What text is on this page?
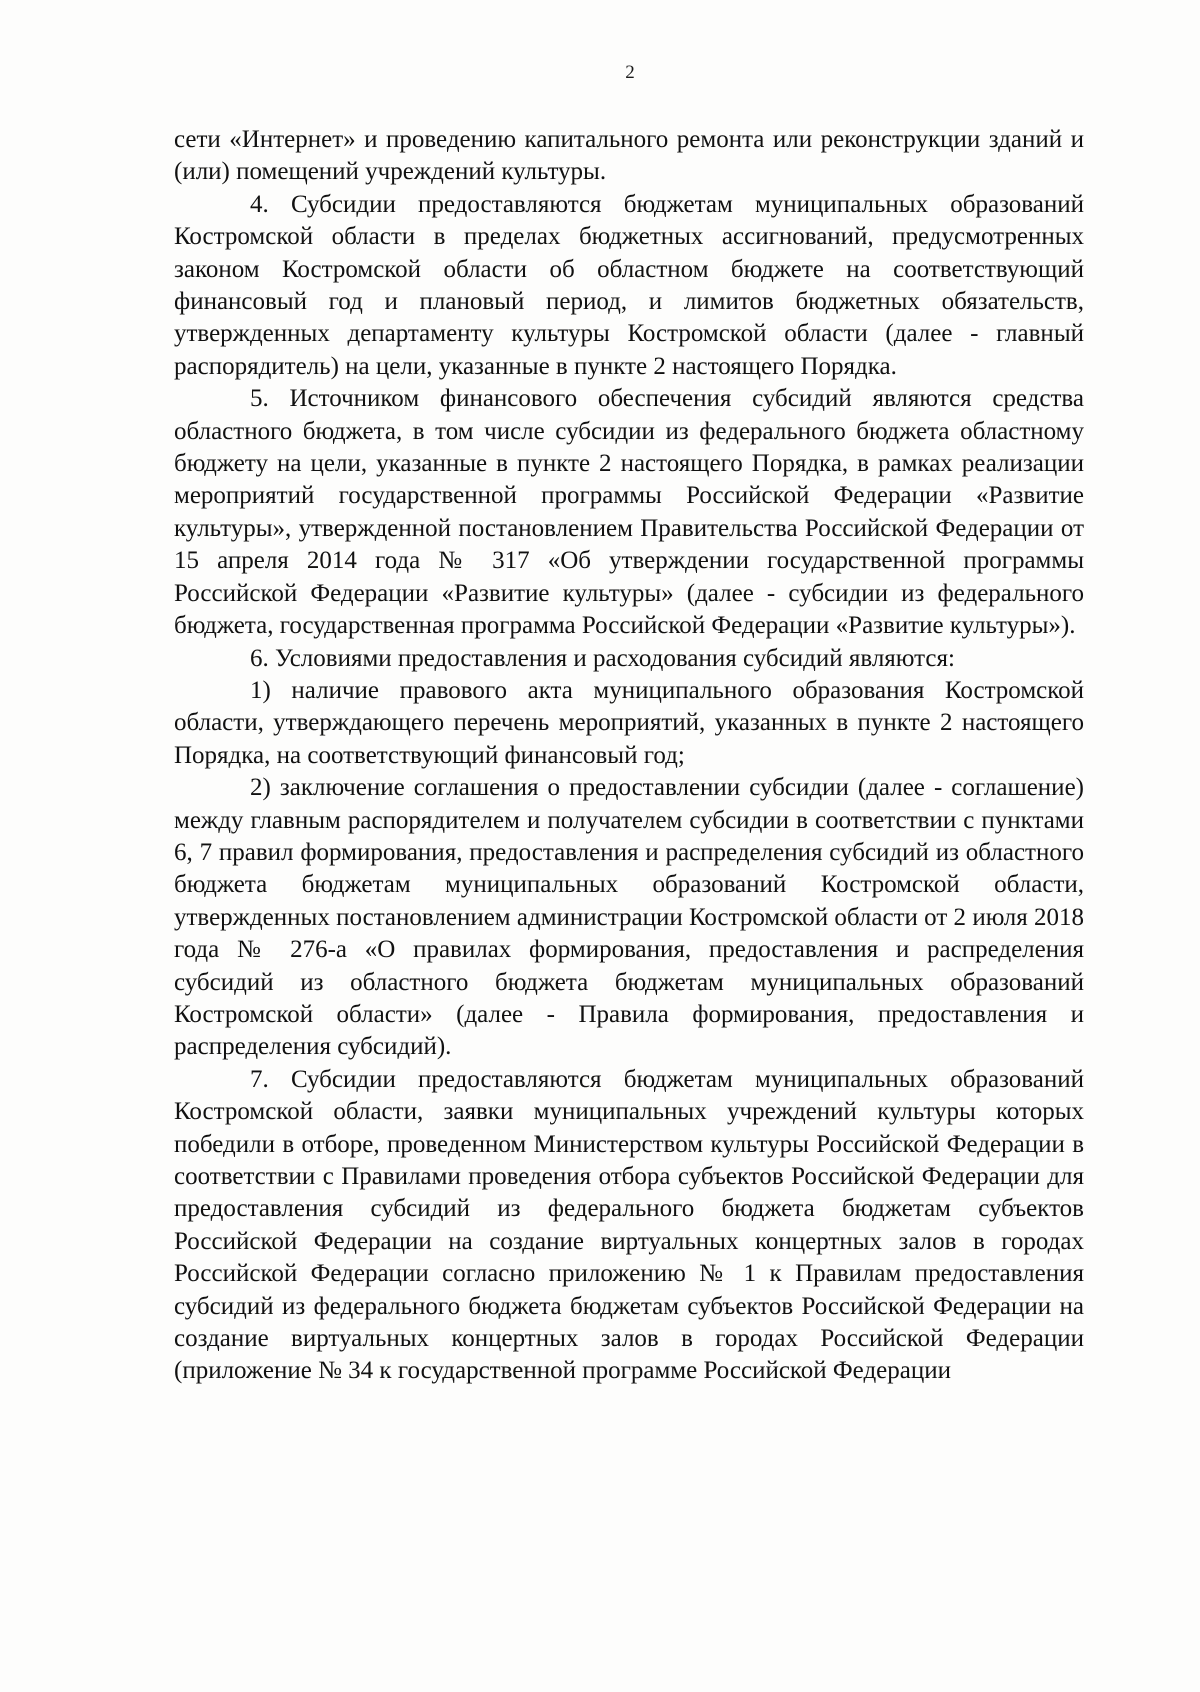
2

сети «Интернет» и проведению капитального ремонта или реконструкции зданий и (или) помещений учреждений культуры.

4. Субсидии предоставляются бюджетам муниципальных образований Костромской области в пределах бюджетных ассигнований, предусмотренных законом Костромской области об областном бюджете на соответствующий финансовый год и плановый период, и лимитов бюджетных обязательств, утвержденных департаменту культуры Костромской области (далее - главный распорядитель) на цели, указанные в пункте 2 настоящего Порядка.

5. Источником финансового обеспечения субсидий являются средства областного бюджета, в том числе субсидии из федерального бюджета областному бюджету на цели, указанные в пункте 2 настоящего Порядка, в рамках реализации мероприятий государственной программы Российской Федерации «Развитие культуры», утвержденной постановлением Правительства Российской Федерации от 15 апреля 2014 года № 317 «Об утверждении государственной программы Российской Федерации «Развитие культуры» (далее - субсидии из федерального бюджета, государственная программа Российской Федерации «Развитие культуры»).

6. Условиями предоставления и расходования субсидий являются:

1) наличие правового акта муниципального образования Костромской области, утверждающего перечень мероприятий, указанных в пункте 2 настоящего Порядка, на соответствующий финансовый год;

2) заключение соглашения о предоставлении субсидии (далее - соглашение) между главным распорядителем и получателем субсидии в соответствии с пунктами 6, 7 правил формирования, предоставления и распределения субсидий из областного бюджета бюджетам муниципальных образований Костромской области, утвержденных постановлением администрации Костромской области от 2 июля 2018 года № 276-а «О правилах формирования, предоставления и распределения субсидий из областного бюджета бюджетам муниципальных образований Костромской области» (далее - Правила формирования, предоставления и распределения субсидий).

7. Субсидии предоставляются бюджетам муниципальных образований Костромской области, заявки муниципальных учреждений культуры которых победили в отборе, проведенном Министерством культуры Российской Федерации в соответствии с Правилами проведения отбора субъектов Российской Федерации для предоставления субсидий из федерального бюджета бюджетам субъектов Российской Федерации на создание виртуальных концертных залов в городах Российской Федерации согласно приложению № 1 к Правилам предоставления субсидий из федерального бюджета бюджетам субъектов Российской Федерации на создание виртуальных концертных залов в городах Российской Федерации (приложение № 34 к государственной программе Российской Федерации
